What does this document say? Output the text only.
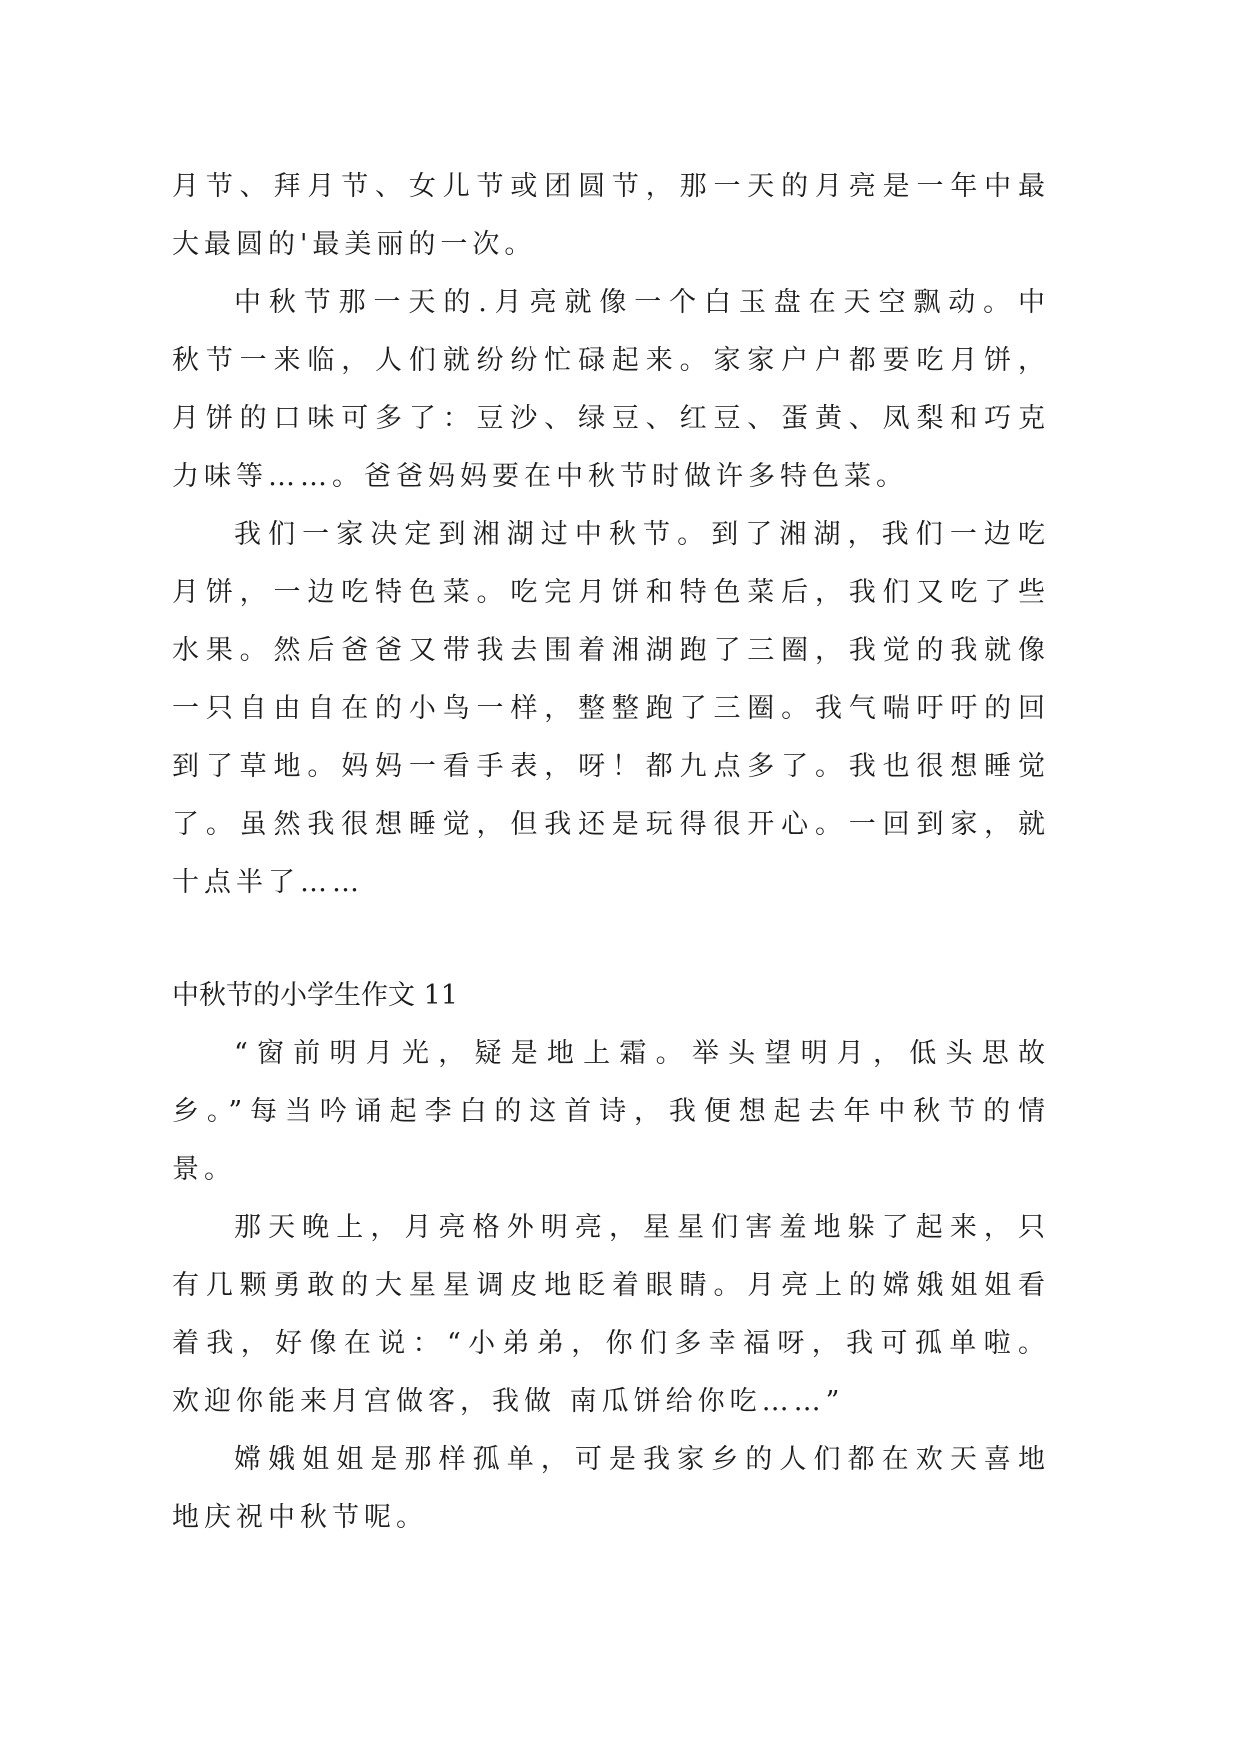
月节、拜月节、女儿节或团圆节，那一天的月亮是一年中最
大最圆的'最美丽的一次。
中秋节那一天的.月亮就像一个白玉盘在天空飘动。中
秋节一来临，人们就纷纷忙碌起来。家家户户都要吃月饼，
月饼的口味可多了：豆沙、绿豆、红豆、蛋黄、凤梨和巧克
力味等……。爸爸妈妈要在中秋节时做许多特色菜。
我们一家决定到湘湖过中秋节。到了湘湖，我们一边吃
月饼，一边吃特色菜。吃完月饼和特色菜后，我们又吃了些
水果。然后爸爸又带我去围着湘湖跑了三圈，我觉的我就像
一只自由自在的小鸟一样，整整跑了三圈。我气喘吁吁的回
到了草地。妈妈一看手表，呀！都九点多了。我也很想睡觉
了。虽然我很想睡觉，但我还是玩得很开心。一回到家，就
十点半了……
中秋节的小学生作文 11
“窗前明月光，疑是地上霜。举头望明月，低头思故
乡。”每当吟诵起李白的这首诗，我便想起去年中秋节的情
景。
那天晚上，月亮格外明亮，星星们害羞地躲了起来，只
有几颗勇敢的大星星调皮地眨着眼睛。月亮上的嫦娥姐姐看
着我，好像在说：“小弟弟，你们多幸福呀，我可孤单啦。
欢迎你能来月宫做客，我做 南瓜饼给你吃……”
嫦娥姐姐是那样孤单，可是我家乡的人们都在欢天喜地
地庆祝中秋节呢。
